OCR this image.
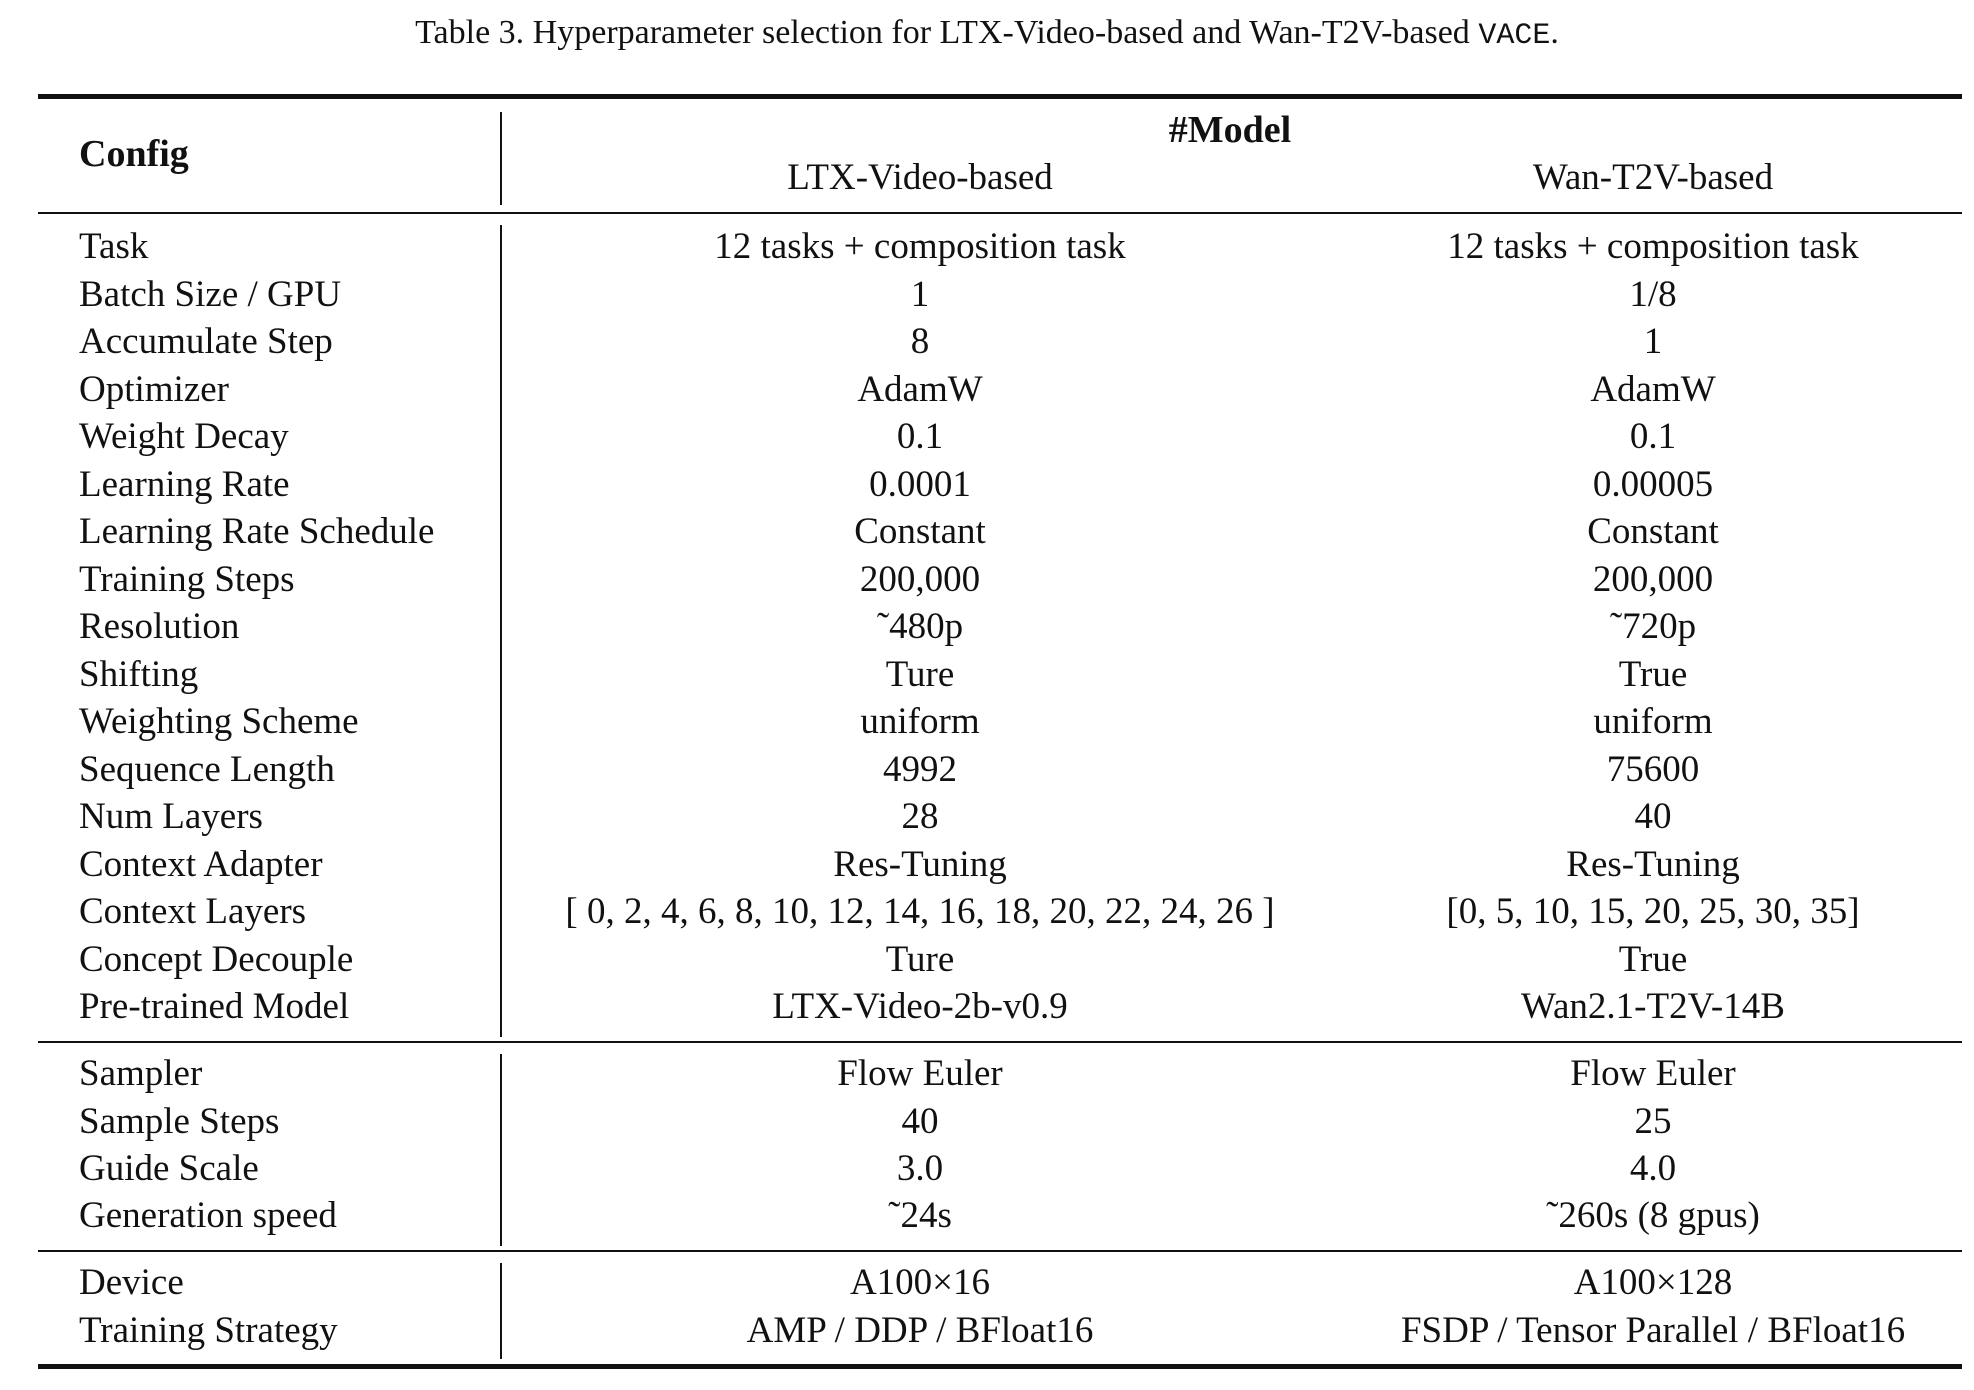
Table 3. Hyperparameter selection for LTX-Video-based and Wan-T2V-based VACE.
Config
#Model
LTX-Video-based	Wan-T2V-based
Task	12 tasks + composition task	12 tasks + composition task
Batch Size / GPU	1	1/8
Accumulate Step	8	1
Optimizer	AdamW	AdamW
Weight Decay	0.1	0.1
Learning Rate	0.0001	0.00005
Learning Rate Schedule	Constant	Constant
Training Steps	200,000	200,000
Resolution	˜480p	˜720p
Shifting	Ture	True
Weighting Scheme	uniform	uniform
Sequence Length	4992	75600
Num Layers	28	40
Context Adapter	Res-Tuning	Res-Tuning
Context Layers	[ 0, 2, 4, 6, 8, 10, 12, 14, 16, 18, 20, 22, 24, 26 ]	[0, 5, 10, 15, 20, 25, 30, 35]
Concept Decouple	Ture	True
Pre-trained Model	LTX-Video-2b-v0.9	Wan2.1-T2V-14B
Sampler	Flow Euler	Flow Euler
Sample Steps	40	25
Guide Scale	3.0	4.0
Generation speed	˜24s	˜260s (8 gpus)
Device	A100×16	A100×128
Training Strategy	AMP / DDP / BFloat16	FSDP / Tensor Parallel / BFloat16
